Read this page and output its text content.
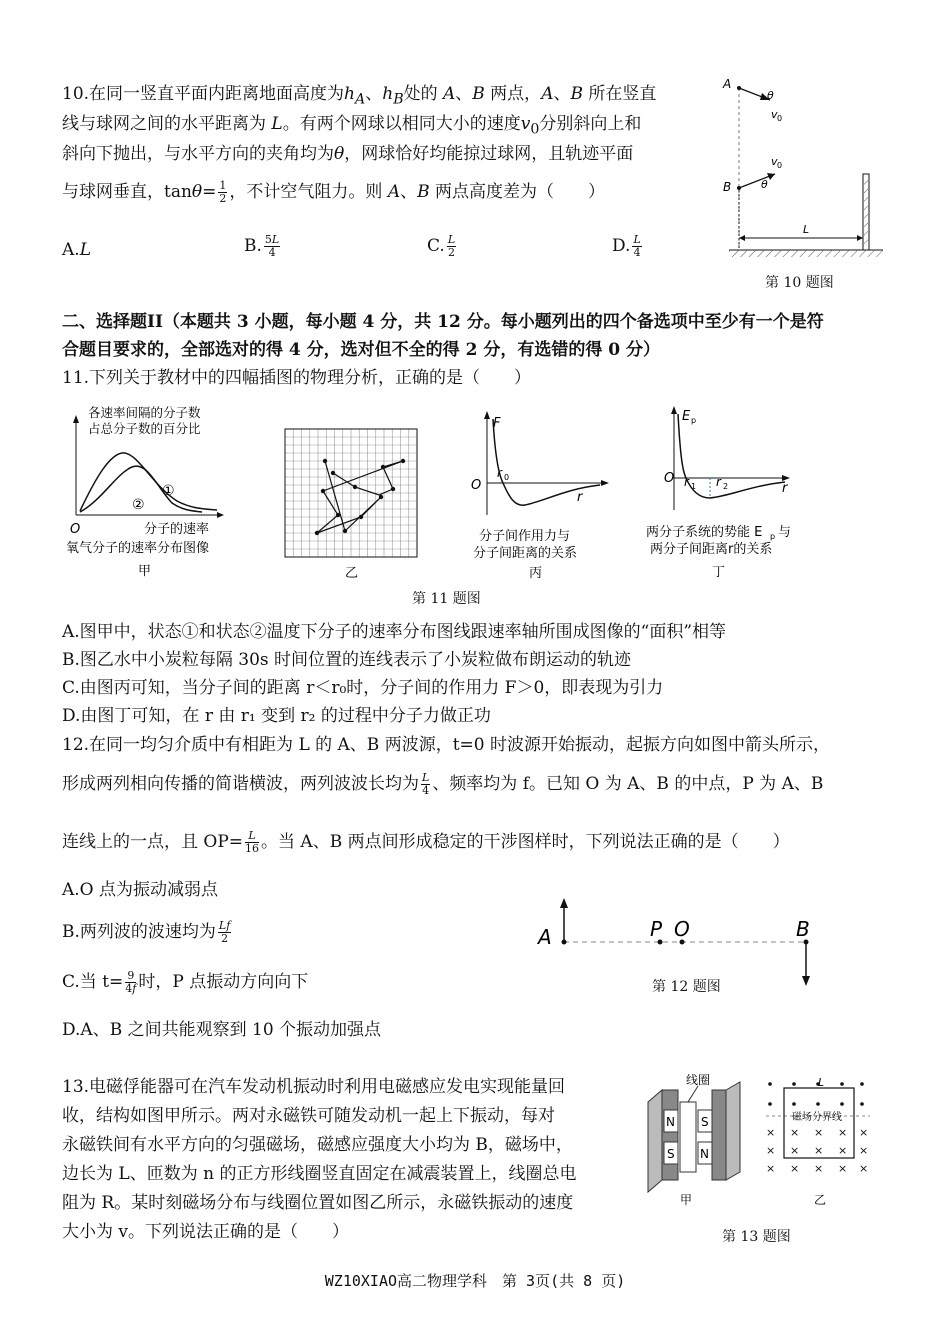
10.在同一竖直平面内距离地面高度为$h_A$、$h_B$处的 A、B 两点，A、B 所在竖直
线与球网之间的水平距离为 L。有两个网球以相同大小的速度$v_0$分别斜向上和
斜向下抛出，与水平方向的夹角均为θ，网球恰好均能掠过球网，且轨迹平面
与球网垂直，$\tan\theta= \frac{1}{2}$ ，不计空气阻力。则 A、B 两点高度差为（　　）
A.L	B. $\frac{5L}{4}$	C. $\frac{L}{2}$	D. $\frac{L}{4}$
A
θ
v 0
B	θ
v 0
L
第 10 题图
二、选择题II（本题共 3 小题，每小题 4 分，共 12 分。每小题列出的四个备选项中至少有一个是符
合题目要求的，全部选对的得 4 分，选对但不全的得 2 分，有选错的得 0 分）
11.下列关于教材中的四幅插图的物理分析，正确的是（　　）
各速率间隔的分子数
占总分子数的百分比
①
②
O	分子的速率
氧气分子的速率分布图像
甲	乙
F
O
r 0
r
分子间作用力与
分子间距离的关系
丙
E p
O r 1 r 2	r
两分子系统的势能 E p 与
两分子间距离r的关系
丁
第 11 题图
A.图甲中，状态①和状态②温度下分子的速率分布图线跟速率轴所围成图像的“面积”相等
B.图乙水中小炭粒每隔 30s 时间位置的连线表示了小炭粒做布朗运动的轨迹
C.由图丙可知，当分子间的距离 r＜r₀时，分子间的作用力 F＞0，即表现为引力
D.由图丁可知，在 r 由 r₁ 变到 r₂ 的过程中分子力做正功
12.在同一均匀介质中有相距为 L 的 A、B 两波源，t=0 时波源开始振动，起振方向如图中箭头所示，
形成两列相向传播的简谐横波，两列波波长均为 $\frac{L}{4}$ 、频率均为 f。已知 O 为 A、B 的中点，P 为 A、B
连线上的一点，且 $OP= \frac{L}{16}$ 。当 A、B 两点间形成稳定的干涉图样时，下列说法正确的是（　　）
A.O 点为振动减弱点
B.两列波的波速均为 $\frac{Lf}{2}$
C.当 $t= \frac{9}{4f}$ 时，P 点振动方向向下
D.A、B 之间共能观察到 10 个振动加强点
A	P O	B
第 12 题图
13.电磁俘能器可在汽车发动机振动时利用电磁感应发电实现能量回
收，结构如图甲所示。两对永磁铁可随发动机一起上下振动，每对
永磁铁间有水平方向的匀强磁场，磁感应强度大小均为 B，磁场中，
边长为 L、匝数为 n 的正方形线圈竖直固定在减震装置上，线圈总电
阻为 R。某时刻磁场分布与线圈位置如图乙所示，永磁铁振动的速度
大小为 v。下列说法正确的是（　　）
N
S
S
N
线圈
甲
磁场分界线
L
× × × × ×
× × × × ×
× × × × ×
乙
第 13 题图
WZ10XIAO高二物理学科　第 3页(共 8 页)
